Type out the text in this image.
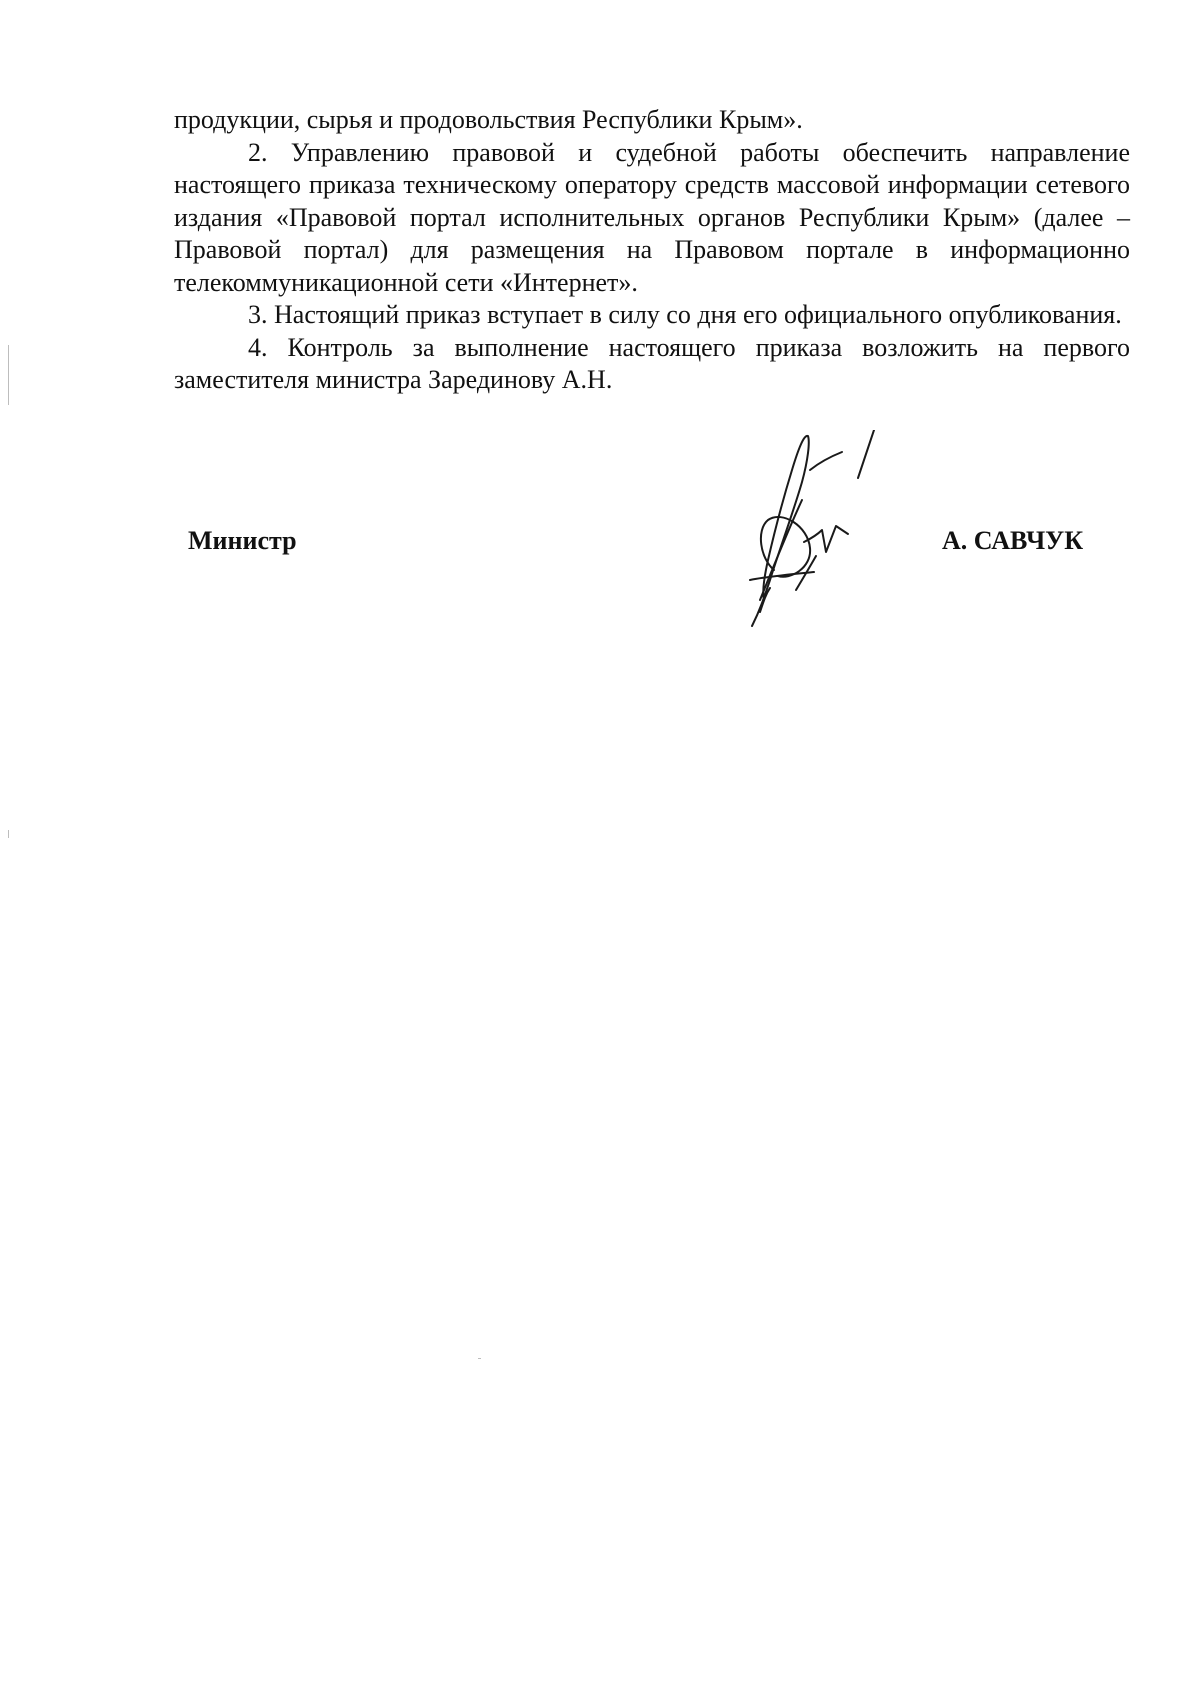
продукции, сырья и продовольствия Республики Крым».

2. Управлению правовой и судебной работы обеспечить направление настоящего приказа техническому оператору средств массовой информации сетевого издания «Правовой портал исполнительных органов Республики Крым» (далее – Правовой портал) для размещения на Правовом портале в информационно телекоммуникационной сети «Интернет».

3. Настоящий приказ вступает в силу со дня его официального опубликования.

4. Контроль за выполнение настоящего приказа возложить на первого заместителя министра Зарединову А.Н.

Министр	А. САВЧУК
